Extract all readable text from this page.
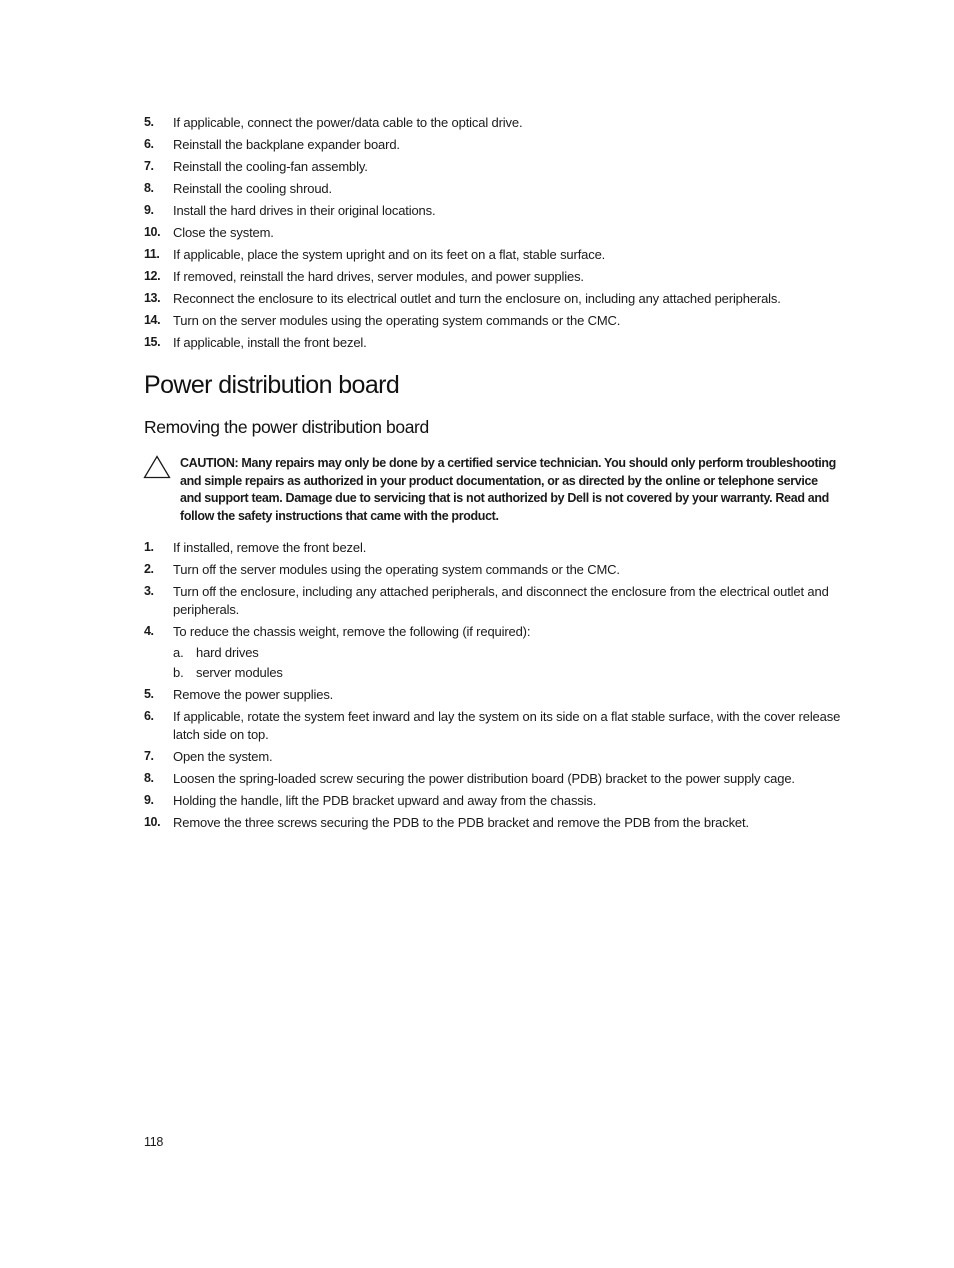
5. If applicable, connect the power/data cable to the optical drive.
6. Reinstall the backplane expander board.
7. Reinstall the cooling-fan assembly.
8. Reinstall the cooling shroud.
9. Install the hard drives in their original locations.
10. Close the system.
11. If applicable, place the system upright and on its feet on a flat, stable surface.
12. If removed, reinstall the hard drives, server modules, and power supplies.
13. Reconnect the enclosure to its electrical outlet and turn the enclosure on, including any attached peripherals.
14. Turn on the server modules using the operating system commands or the CMC.
15. If applicable, install the front bezel.
Power distribution board
Removing the power distribution board

CAUTION: Many repairs may only be done by a certified service technician. You should only perform troubleshooting and simple repairs as authorized in your product documentation, or as directed by the online or telephone service and support team. Damage due to servicing that is not authorized by Dell is not covered by your warranty. Read and follow the safety instructions that came with the product.

1. If installed, remove the front bezel.
2. Turn off the server modules using the operating system commands or the CMC.
3. Turn off the enclosure, including any attached peripherals, and disconnect the enclosure from the electrical outlet and peripherals.
4. To reduce the chassis weight, remove the following (if required):
a. hard drives
b. server modules
5. Remove the power supplies.
6. If applicable, rotate the system feet inward and lay the system on its side on a flat stable surface, with the cover release latch side on top.
7. Open the system.
8. Loosen the spring-loaded screw securing the power distribution board (PDB) bracket to the power supply cage.
9. Holding the handle, lift the PDB bracket upward and away from the chassis.
10. Remove the three screws securing the PDB to the PDB bracket and remove the PDB from the bracket.
118
